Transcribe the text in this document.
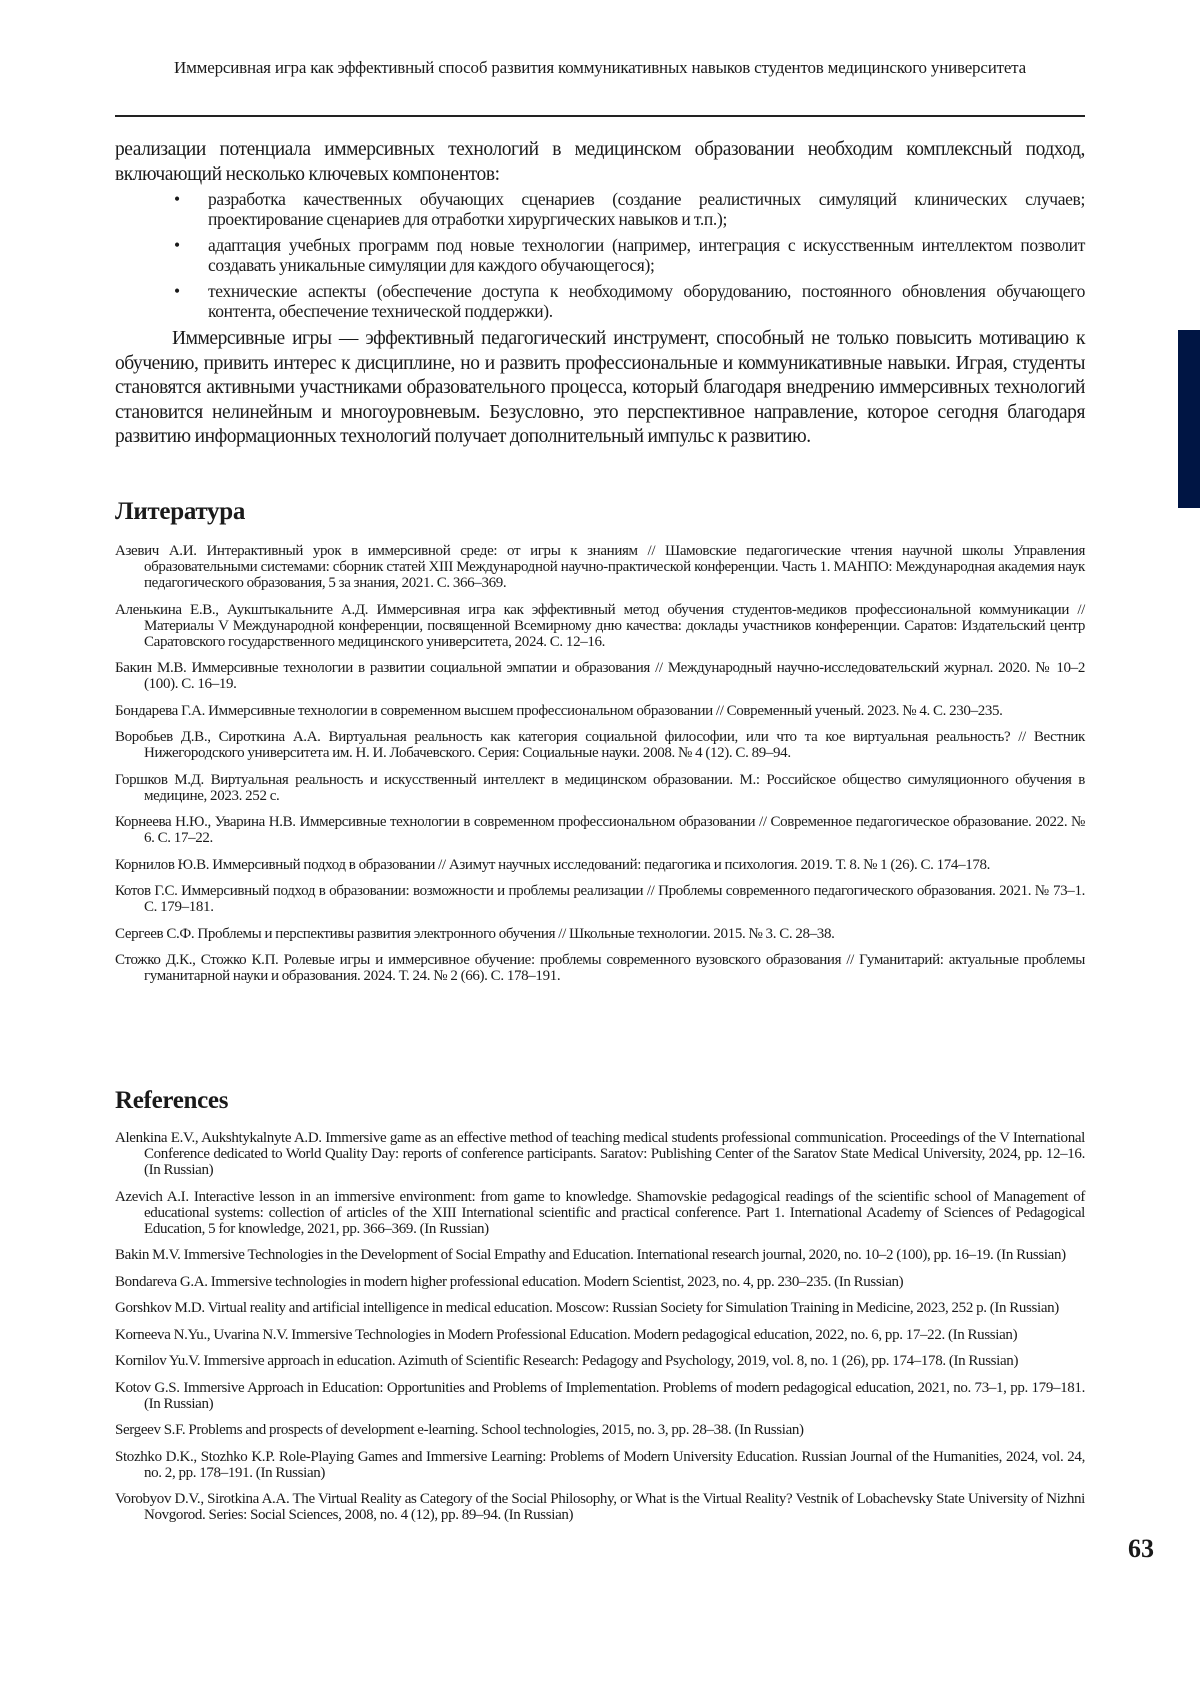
Иммерсивная игра как эффективный способ развития коммуникативных навыков студентов медицинского университета

реализации потенциала иммерсивных технологий в медицинском образовании необходим комплексный подход, включающий несколько ключевых компонентов:

• разработка качественных обучающих сценариев (создание реалистичных симуляций клинических случаев; проектирование сценариев для отработки хирургических навыков и т.п.);
• адаптация учебных программ под новые технологии (например, интеграция с искусственным интеллектом позволит создавать уникальные симуляции для каждого обучающегося);
• технические аспекты (обеспечение доступа к необходимому оборудованию, постоянного обновления обучающего контента, обеспечение технической поддержки).

Иммерсивные игры — эффективный педагогический инструмент, способный не только повысить мотивацию к обучению, привить интерес к дисциплине, но и развить профессиональные и коммуникативные навыки. Играя, студенты становятся активными участниками образовательного процесса, который благодаря внедрению иммерсивных технологий становится нелинейным и многоуровневым. Безусловно, это перспективное направление, которое сегодня благодаря развитию информационных технологий получает дополнительный импульс к развитию.

Литература
Азевич А.И. Интерактивный урок в иммерсивной среде: от игры к знаниям // Шамовские педагогические чтения научной школы Управления образовательными системами: сборник статей XIII Международной научно-практической конференции. Часть 1. МАНПО: Международная академия наук педагогического образования, 5 за знания, 2021. С. 366–369.
Аленькина Е.В., Аукштыкальните А.Д. Иммерсивная игра как эффективный метод обучения студентов-медиков профессиональной коммуникации // Материалы V Международной конференции, посвященной Всемирному дню качества: доклады участников конференции. Саратов: Издательский центр Саратовского государственного медицинского университета, 2024. С. 12–16.
Бакин М.В. Иммерсивные технологии в развитии социальной эмпатии и образования // Международный научно-исследовательский журнал. 2020. № 10–2 (100). С. 16–19.
Бондарева Г.А. Иммерсивные технологии в современном высшем профессиональном образовании // Современный ученый. 2023. № 4. С. 230–235.
Воробьев Д.В., Сироткина А.А. Виртуальная реальность как категория социальной философии, или что та кое виртуальная реальность? // Вестник Нижегородского университета им. Н. И. Лобачевского. Серия: Социальные науки. 2008. № 4 (12). С. 89–94.
Горшков М.Д. Виртуальная реальность и искусственный интеллект в медицинском образовании. М.: Российское общество симуляционного обучения в медицине, 2023. 252 с.
Корнеева Н.Ю., Уварина Н.В. Иммерсивные технологии в современном профессиональном образовании // Современное педагогическое образование. 2022. № 6. С. 17–22.
Корнилов Ю.В. Иммерсивный подход в образовании // Азимут научных исследований: педагогика и психология. 2019. Т. 8. № 1 (26). С. 174–178.
Котов Г.С. Иммерсивный подход в образовании: возможности и проблемы реализации // Проблемы современного педагогического образования. 2021. № 73–1. С. 179–181.
Сергеев С.Ф. Проблемы и перспективы развития электронного обучения // Школьные технологии. 2015. № 3. С. 28–38.
Стожко Д.К., Стожко К.П. Ролевые игры и иммерсивное обучение: проблемы современного вузовского образования // Гуманитарий: актуальные проблемы гуманитарной науки и образования. 2024. Т. 24. № 2 (66). С. 178–191.
References
Alenkina E.V., Aukshtykalnyte A.D. Immersive game as an effective method of teaching medical students professional communication. Proceedings of the V International Conference dedicated to World Quality Day: reports of conference participants. Saratov: Publishing Center of the Saratov State Medical University, 2024, pp. 12–16. (In Russian)
Azevich A.I. Interactive lesson in an immersive environment: from game to knowledge. Shamovskie pedagogical readings of the scientific school of Management of educational systems: collection of articles of the XIII International scientific and practical conference. Part 1. International Academy of Sciences of Pedagogical Education, 5 for knowledge, 2021, pp. 366–369. (In Russian)
Bakin M.V. Immersive Technologies in the Development of Social Empathy and Education. International research journal, 2020, no. 10–2 (100), pp. 16–19. (In Russian)
Bondareva G.A. Immersive technologies in modern higher professional education. Modern Scientist, 2023, no. 4, pp. 230–235. (In Russian)
Gorshkov M.D. Virtual reality and artificial intelligence in medical education. Moscow: Russian Society for Simulation Training in Medicine, 2023, 252 p. (In Russian)
Korneeva N.Yu., Uvarina N.V. Immersive Technologies in Modern Professional Education. Modern pedagogical education, 2022, no. 6, pp. 17–22. (In Russian)
Kornilov Yu.V. Immersive approach in education. Azimuth of Scientific Research: Pedagogy and Psychology, 2019, vol. 8, no. 1 (26), pp. 174–178. (In Russian)
Kotov G.S. Immersive Approach in Education: Opportunities and Problems of Implementation. Problems of modern pedagogical education, 2021, no. 73–1, pp. 179–181. (In Russian)
Sergeev S.F. Problems and prospects of development e-learning. School technologies, 2015, no. 3, pp. 28–38. (In Russian)
Stozhko D.K., Stozhko K.P. Role-Playing Games and Immersive Learning: Problems of Modern University Education. Russian Journal of the Humanities, 2024, vol. 24, no. 2, pp. 178–191. (In Russian)
Vorobyov D.V., Sirotkina A.A. The Virtual Reality as Category of the Social Philosophy, or What is the Virtual Reality? Vestnik of Lobachevsky State University of Nizhni Novgorod. Series: Social Sciences, 2008, no. 4 (12), pp. 89–94. (In Russian)
63
